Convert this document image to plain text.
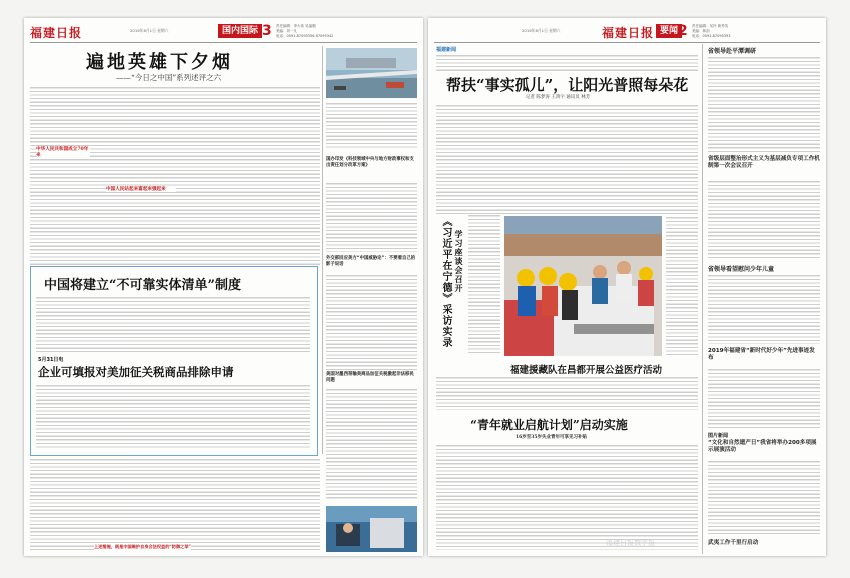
福建日报	2019年6月1日 星期六	国内国际 3 责任编辑：李大伟 吴福顺
美编：刘一凡
电话：0591-87095356 87095342
遍地英雄下夕烟
——“今日之中国”系列述评之六
中华人民共和国成立70年来
中国人民站起来富起来强起来
国办印发《科技领域中央与地方财政事权和支出责任划分改革方案》
外交部回应美方“中国威胁论”：不要看自己的影子说话
中国将建立“不可靠实体清单”制度
5月31日电
企业可填报对美加征关税商品排除申请	美国对墨西哥输美商品加征关税激起非法移民问题
上述措施，既是中国维护自身合法权益的“防御之举”
2019年6月1日 星期六	福建日报 要闻 2 责任编辑：吴玲 黄秀英
美编：林剑
电话：0591-87095393
福建新闻
帮扶“事实孤儿”，让阳光普照每朵花
记者 陈梦涛 王鸿宇 通讯员 林芳
《习近平在宁德》采访实录 学习座谈会召开
福建援藏队在昌都开展公益医疗活动
“青年就业启航计划”启动实施
16岁至35岁失业青年可享见习补贴
省领导赴平潭调研
省级层面整治形式主义为基层减负专项工作机制第一次会议召开
省领导看望慰问少年儿童
2019年福建省“新时代好少年”先进事迹发布
图片新闻
“文化和自然遗产日”我省将举办200多项展示展演活动
武夷工作千里行启动
福建日报数字报
